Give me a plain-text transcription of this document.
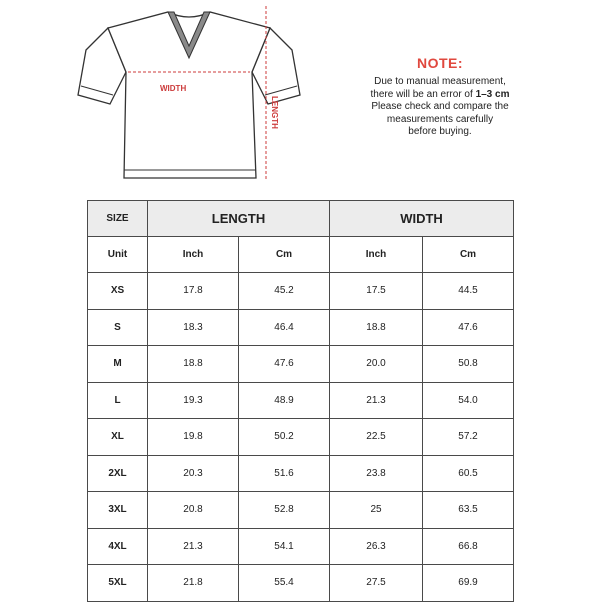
WIDTH
LENGTH
NOTE:
Due to manual measurement,
there will be an error of 1–3 cm
Please check and compare the
measurements carefully
before buying.
SIZE	LENGTH		WIDTH	
Unit	Inch	Cm	Inch	Cm
XS	17.8	45.2	17.5	44.5
S	18.3	46.4	18.8	47.6
M	18.8	47.6	20.0	50.8
L	19.3	48.9	21.3	54.0
XL	19.8	50.2	22.5	57.2
2XL	20.3	51.6	23.8	60.5
3XL	20.8	52.8	25	63.5
4XL	21.3	54.1	26.3	66.8
5XL	21.8	55.4	27.5	69.9
